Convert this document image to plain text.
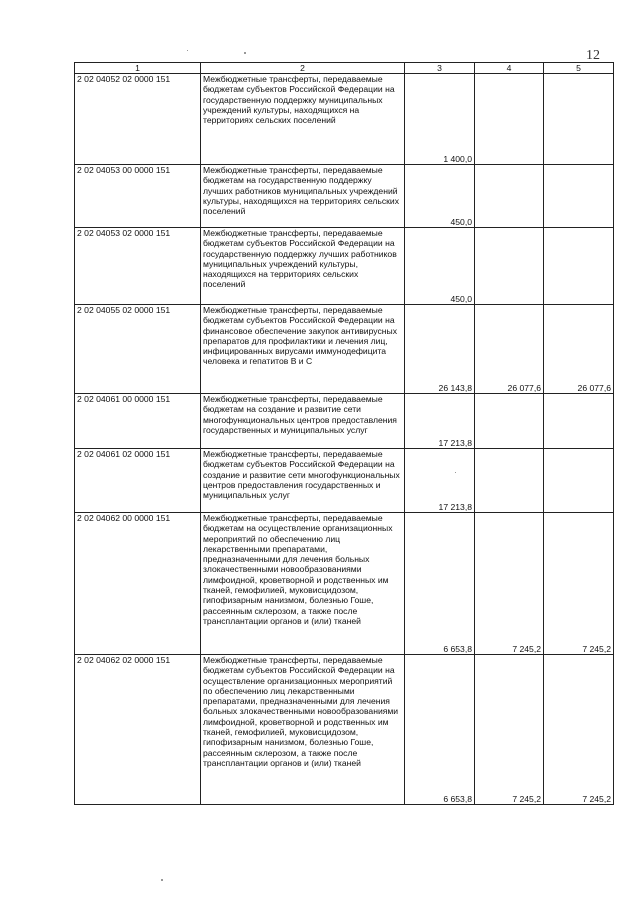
12
1	2	3	4	5
2 02 04052 02 0000 151	Межбюджетные трансферты, передаваемые бюджетам субъектов Российской Федерации на государственную поддержку муниципальных учреждений культуры, находящихся на территориях сельских поселений	1 400,0		
2 02 04053 00 0000 151	Межбюджетные трансферты, передаваемые бюджетам на государственную поддержку лучших работников муниципальных учреждений культуры, находящихся на территориях сельских поселений	450,0		
2 02 04053 02 0000 151	Межбюджетные трансферты, передаваемые бюджетам субъектов Российской Федерации на государственную поддержку лучших работников муниципальных учреждений культуры, находящихся на территориях сельских поселений	450,0		
2 02 04055 02 0000 151	Межбюджетные трансферты, передаваемые бюджетам субъектов Российской Федерации на финансовое обеспечение закупок антивирусных препаратов для профилактики и лечения лиц, инфицированных вирусами иммунодефицита человека и гепатитов В и С	26 143,8	26 077,6	26 077,6
2 02 04061 00 0000 151	Межбюджетные трансферты, передаваемые бюджетам на создание и развитие сети многофункциональных центров предоставления государственных и муниципальных услуг	17 213,8		
2 02 04061 02 0000 151	Межбюджетные трансферты, передаваемые бюджетам субъектов Российской Федерации на создание и развитие сети многофункциональных центров предоставления государственных и муниципальных услуг	17 213,8		
2 02 04062 00 0000 151	Межбюджетные трансферты, передаваемые бюджетам на осуществление организационных мероприятий по обеспечению лиц лекарственными препаратами, предназначенными для лечения больных злокачественными новообразованиями лимфоидной, кроветворной и родственных им тканей, гемофилией, муковисцидозом, гипофизарным нанизмом, болезнью Гоше, рассеянным склерозом, а также после трансплантации органов и (или) тканей	6 653,8	7 245,2	7 245,2
2 02 04062 02 0000 151	Межбюджетные трансферты, передаваемые бюджетам субъектов Российской Федерации на осуществление организационных мероприятий по обеспечению лиц лекарственными препаратами, предназначенными для лечения больных злокачественными новообразованиями лимфоидной, кроветворной и родственных им тканей, гемофилией, муковисцидозом, гипофизарным нанизмом, болезнью Гоше, рассеянным склерозом, а также после трансплантации органов и (или) тканей	6 653,8	7 245,2	7 245,2
